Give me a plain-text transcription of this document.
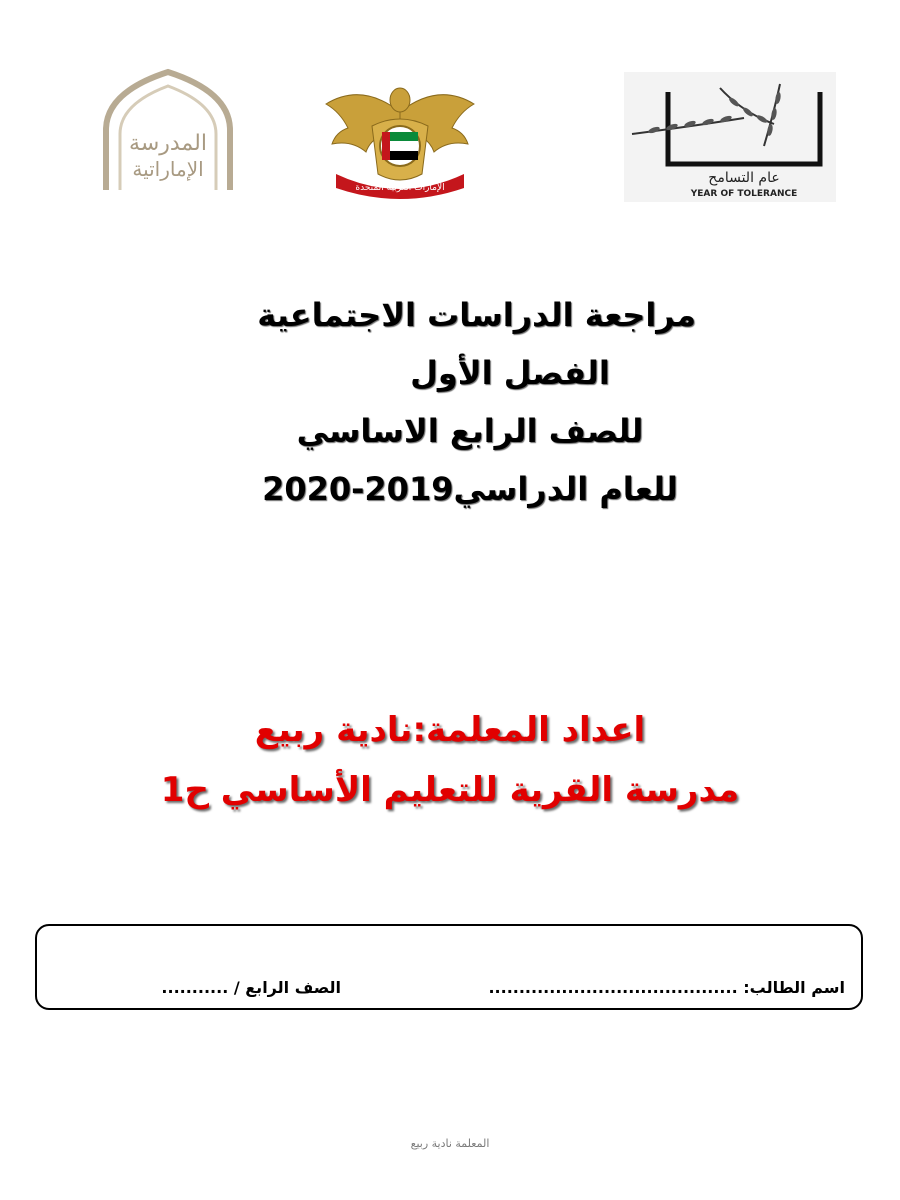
المدرسة
الإماراتية
الإمارات العربية المتحدة
عام التسامح
YEAR OF TOLERANCE
مراجعة الدراسات الاجتماعية
الفصل الأول
للصف الرابع الاساسي
للعام الدراسي2019-2020
اعداد المعلمة:نادية ربيع
مدرسة القرية للتعليم الأساسي ح1
اسم الطالب: .........................................
الصف الرابع / ...........
المعلمة نادية ربيع
